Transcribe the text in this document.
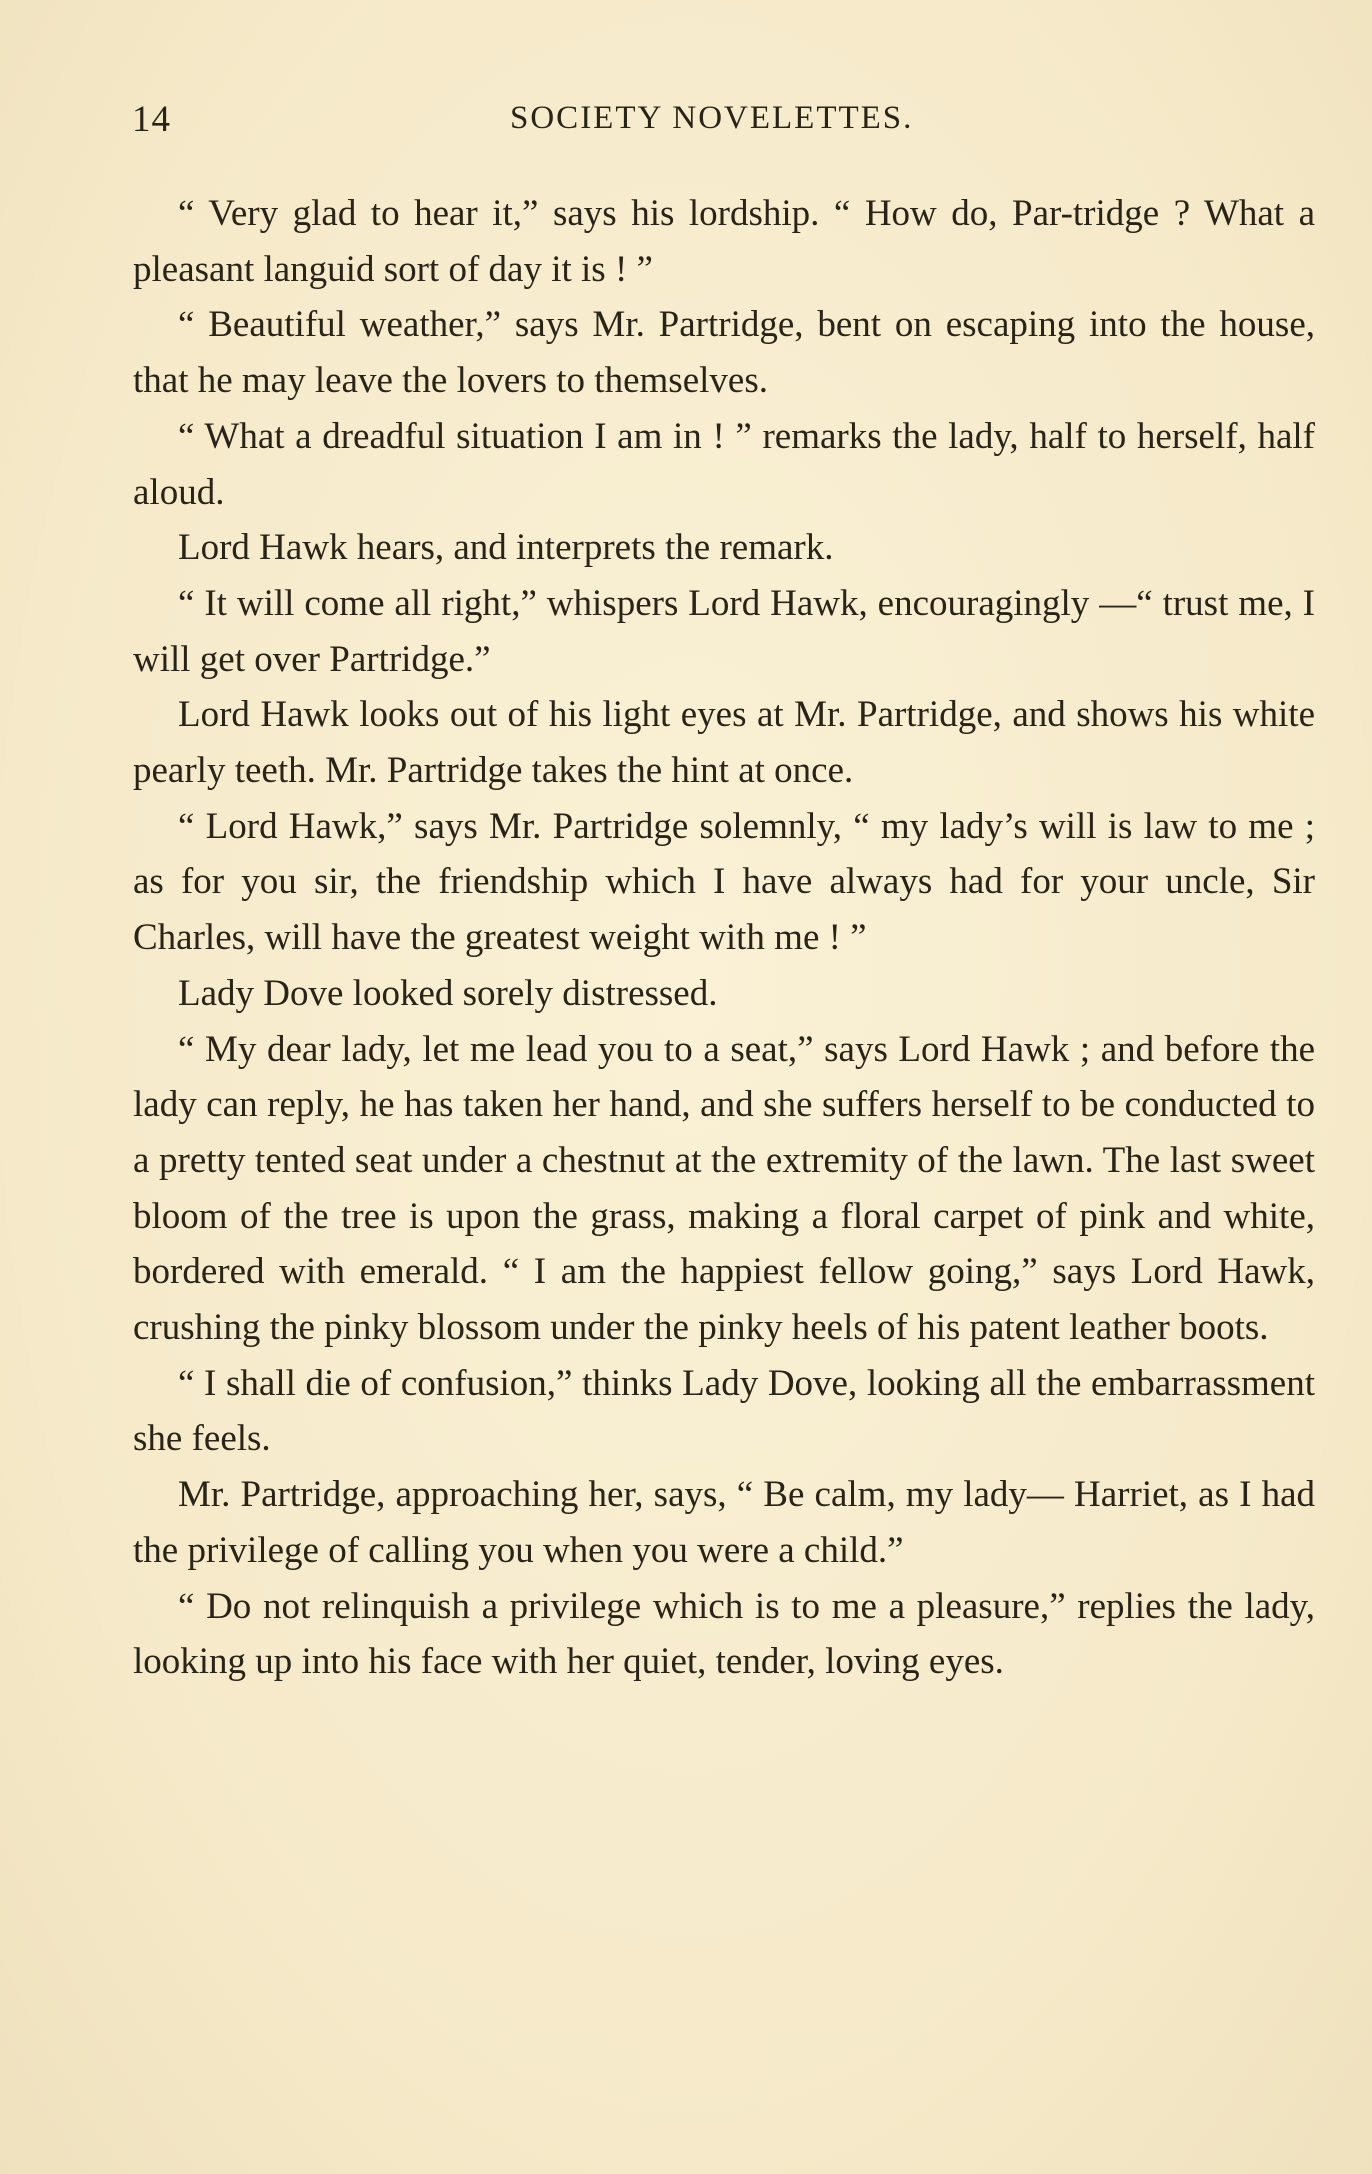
14	SOCIETY NOVELETTES.

“ Very glad to hear it,” says his lordship. “ How do, Par-tridge ? What a pleasant languid sort of day it is ! ”

“ Beautiful weather,” says Mr. Partridge, bent on escaping into the house, that he may leave the lovers to themselves.

“ What a dreadful situation I am in ! ” remarks the lady, half to herself, half aloud.

Lord Hawk hears, and interprets the remark.

“ It will come all right,” whispers Lord Hawk, encouragingly —“ trust me, I will get over Partridge.”

Lord Hawk looks out of his light eyes at Mr. Partridge, and shows his white pearly teeth. Mr. Partridge takes the hint at once.

“ Lord Hawk,” says Mr. Partridge solemnly, “ my lady’s will is law to me ; as for you sir, the friendship which I have always had for your uncle, Sir Charles, will have the greatest weight with me ! ”

Lady Dove looked sorely distressed.

“ My dear lady, let me lead you to a seat,” says Lord Hawk ; and before the lady can reply, he has taken her hand, and she suffers herself to be conducted to a pretty tented seat under a chestnut at the extremity of the lawn. The last sweet bloom of the tree is upon the grass, making a floral carpet of pink and white, bordered with emerald. “ I am the happiest fellow going,” says Lord Hawk, crushing the pinky blossom under the pinky heels of his patent leather boots.

“ I shall die of confusion,” thinks Lady Dove, looking all the embarrassment she feels.

Mr. Partridge, approaching her, says, “ Be calm, my lady— Harriet, as I had the privilege of calling you when you were a child.”

“ Do not relinquish a privilege which is to me a pleasure,” replies the lady, looking up into his face with her quiet, tender, loving eyes.
